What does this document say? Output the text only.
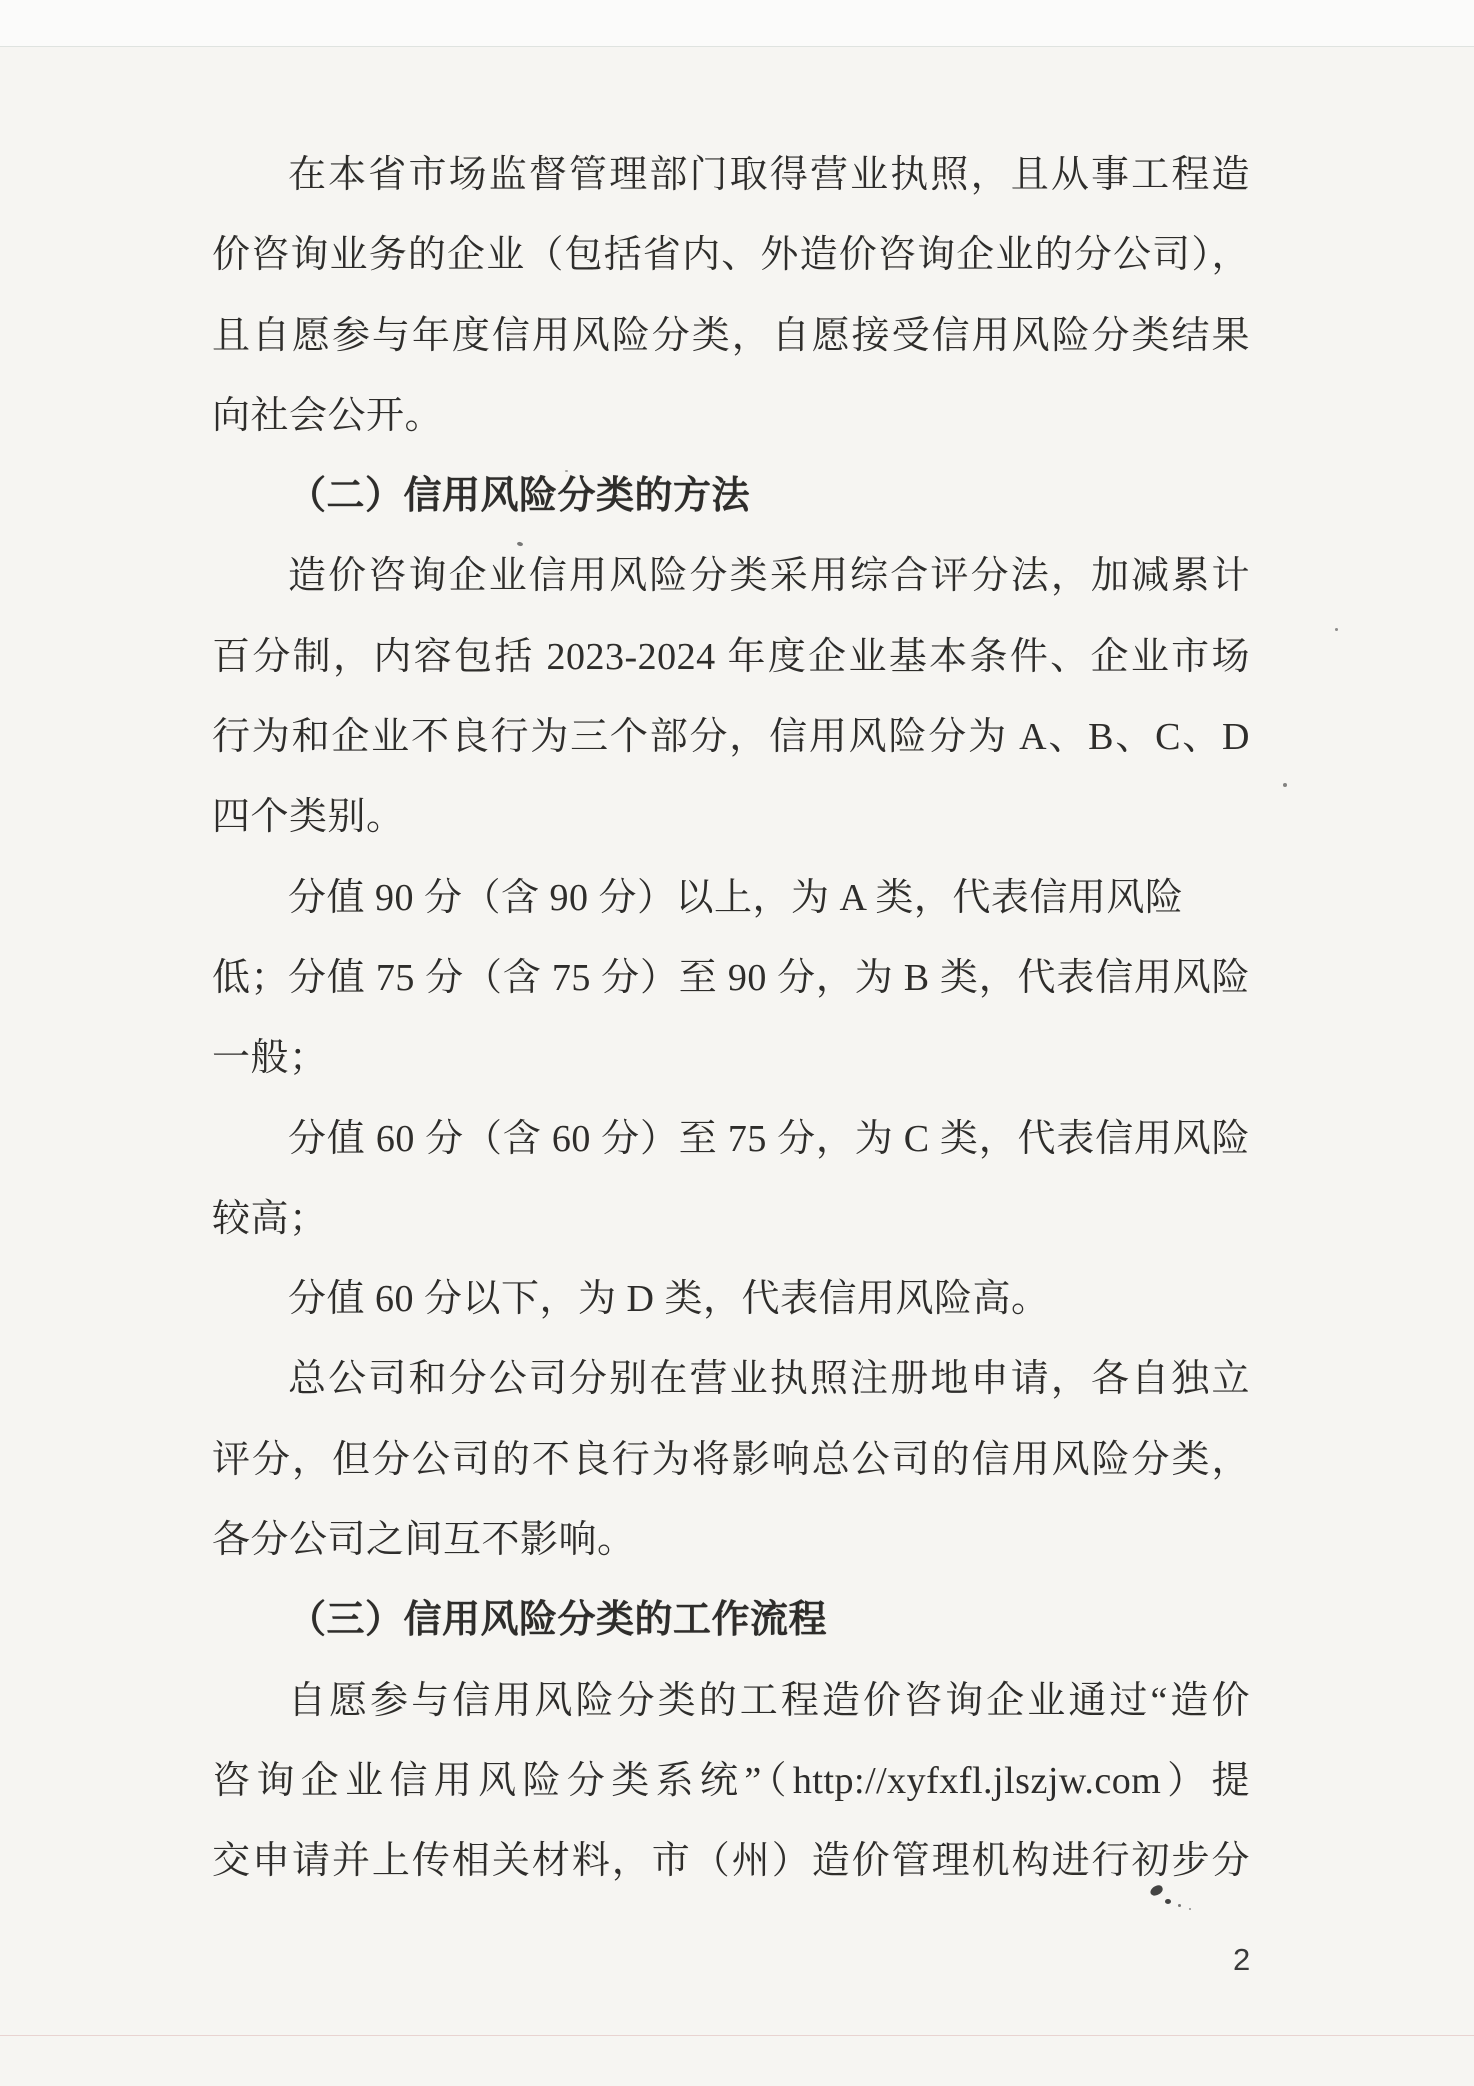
在本省市场监督管理部门取得营业执照，且从事工程造

价咨询业务的企业（包括省内、外造价咨询企业的分公司），

且自愿参与年度信用风险分类，自愿接受信用风险分类结果

向社会公开。

（二）信用风险分类的方法

造价咨询企业信用风险分类采用综合评分法，加减累计

百分制，内容包括 2023-2024 年度企业基本条件、企业市场

行为和企业不良行为三个部分，信用风险分为 A、B、C、D

四个类别。

分值 90 分（含 90 分）以上，为 A 类，代表信用风险低；

分值 75 分（含 75 分）至 90 分，为 B 类，代表信用风险

一般；

分值 60 分（含 60 分）至 75 分，为 C 类，代表信用风险

较高；

分值 60 分以下，为 D 类，代表信用风险高。

总公司和分公司分别在营业执照注册地申请，各自独立

评分，但分公司的不良行为将影响总公司的信用风险分类，

各分公司之间互不影响。

（三）信用风险分类的工作流程

自愿参与信用风险分类的工程造价咨询企业通过“造价

咨询企业信用风险分类系统”（http://xyfxfl.jlszjw.com）提

交申请并上传相关材料，市（州）造价管理机构进行初步分

2
